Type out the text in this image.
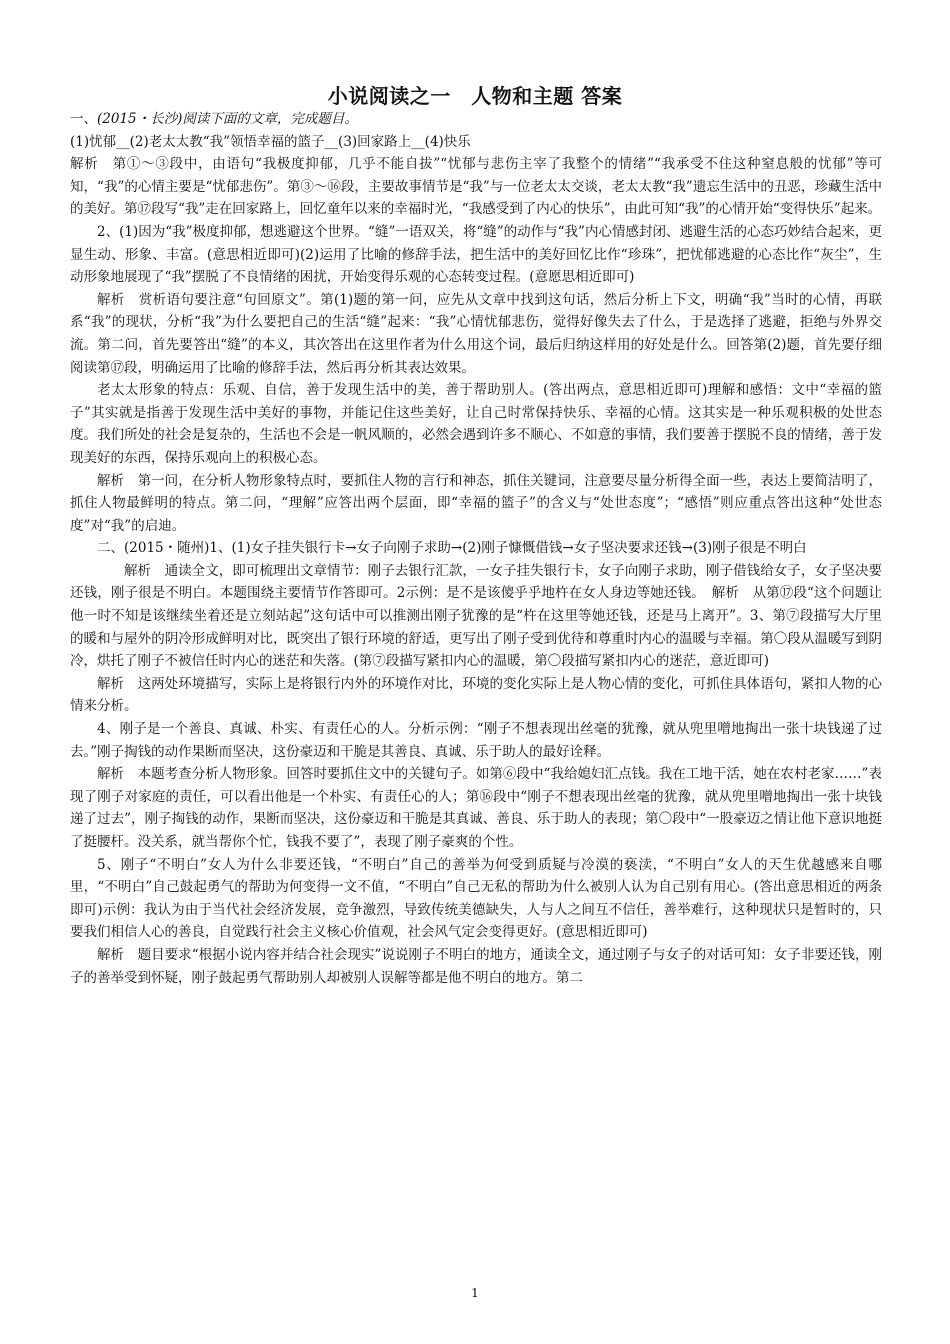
小说阅读之一　人物和主题 答案

一、(2015・长沙)阅读下面的文章，完成题目。

(1)忧郁__(2)老太太教“我”领悟幸福的篮子__(3)回家路上__(4)快乐

解析　第①～③段中，由语句“我极度抑郁，几乎不能自拔”“忧郁与悲伤主宰了我整个的情绪”“我承受不住这种窒息般的忧郁”等可知，“我”的心情主要是“忧郁悲伤”。第③～⑯段，主要故事情节是“我”与一位老太太交谈，老太太教“我”遗忘生活中的丑恶，珍藏生活中的美好。第⑰段写“我”走在回家路上，回忆童年以来的幸福时光，“我感受到了内心的快乐”，由此可知“我”的心情开始“变得快乐”起来。

2、(1)因为“我”极度抑郁，想逃避这个世界。“缝”一语双关，将“缝”的动作与“我”内心情感封闭、逃避生活的心态巧妙结合起来，更显生动、形象、丰富。(意思相近即可)(2)运用了比喻的修辞手法，把生活中的美好回忆比作“珍珠”，把忧郁逃避的心态比作“灰尘”，生动形象地展现了“我”摆脱了不良情绪的困扰，开始变得乐观的心态转变过程。(意愿思相近即可)

解析　赏析语句要注意“句回原文”。第(1)题的第一问，应先从文章中找到这句话，然后分析上下文，明确“我”当时的心情，再联系“我”的现状，分析“我”为什么要把自己的生活“缝”起来：“我”心情忧郁悲伤，觉得好像失去了什么，于是选择了逃避，拒绝与外界交流。第二问，首先要答出“缝”的本义，其次答出在这里作者为什么用这个词，最后归纳这样用的好处是什么。回答第(2)题，首先要仔细阅读第⑰段，明确运用了比喻的修辞手法，然后再分析其表达效果。

老太太形象的特点：乐观、自信，善于发现生活中的美，善于帮助别人。(答出两点，意思相近即可)理解和感悟：文中“幸福的篮子”其实就是指善于发现生活中美好的事物，并能记住这些美好，让自己时常保持快乐、幸福的心情。这其实是一种乐观积极的处世态度。我们所处的社会是复杂的，生活也不会是一帆风顺的，必然会遇到许多不顺心、不如意的事情，我们要善于摆脱不良的情绪，善于发现美好的东西，保持乐观向上的积极心态。

解析　第一问，在分析人物形象特点时，要抓住人物的言行和神态，抓住关键词，注意要尽量分析得全面一些，表达上要简洁明了，抓住人物最鲜明的特点。第二问，“理解”应答出两个层面，即“幸福的篮子”的含义与“处世态度”；“感悟”则应重点答出这种“处世态度”对“我”的启迪。

二、(2015・随州)1、(1)女子挂失银行卡→女子向刚子求助→(2)刚子慷慨借钱→女子坚决要求还钱→(3)刚子很是不明白

解析　通读全文，即可梳理出文章情节：刚子去银行汇款，一女子挂失银行卡，女子向刚子求助，刚子借钱给女子，女子坚决要还钱，刚子很是不明白。本题围绕主要情节作答即可。2示例：是不是该傻乎乎地杵在女人身边等她还钱。　解析　从第⑰段“这个问题让他一时不知是该继续坐着还是立刻站起”这句话中可以推测出刚子犹豫的是“杵在这里等她还钱，还是马上离开”。3、第⑦段描写大厅里的暖和与屋外的阴冷形成鲜明对比，既突出了银行环境的舒适，更写出了刚子受到优待和尊重时内心的温暖与幸福。第〇段从温暖写到阴冷，烘托了刚子不被信任时内心的迷茫和失落。(第⑦段描写紧扣内心的温暖，第〇段描写紧扣内心的迷茫，意近即可)

解析　这两处环境描写，实际上是将银行内外的环境作对比，环境的变化实际上是人物心情的变化，可抓住具体语句，紧扣人物的心情来分析。

4、刚子是一个善良、真诚、朴实、有责任心的人。分析示例：“刚子不想表现出丝毫的犹豫，就从兜里噌地掏出一张十块钱递了过去。”刚子掏钱的动作果断而坚决，这份豪迈和干脆是其善良、真诚、乐于助人的最好诠释。

解析　本题考查分析人物形象。回答时要抓住文中的关键句子。如第⑥段中“我给媳妇汇点钱。我在工地干活，她在农村老家……”表现了刚子对家庭的责任，可以看出他是一个朴实、有责任心的人；第⑯段中“刚子不想表现出丝毫的犹豫，就从兜里噌地掏出一张十块钱递了过去”，刚子掏钱的动作，果断而坚决，这份豪迈和干脆是其真诚、善良、乐于助人的表现；第〇段中“一股豪迈之情让他下意识地挺了挺腰杆。没关系，就当帮你个忙，钱我不要了”，表现了刚子豪爽的个性。

5、刚子“不明白”女人为什么非要还钱，“不明白”自己的善举为何受到质疑与冷漠的亵渎，“不明白”女人的天生优越感来自哪里，“不明白”自己鼓起勇气的帮助为何变得一文不值，“不明白”自己无私的帮助为什么被别人认为自己别有用心。(答出意思相近的两条即可)示例：我认为由于当代社会经济发展，竞争激烈，导致传统美德缺失，人与人之间互不信任，善举难行，这种现状只是暂时的，只要我们相信人心的善良，自觉践行社会主义核心价值观，社会风气定会变得更好。(意思相近即可)

解析　题目要求“根据小说内容并结合社会现实”说说刚子不明白的地方，通读全文，通过刚子与女子的对话可知：女子非要还钱，刚子的善举受到怀疑，刚子鼓起勇气帮助别人却被别人误解等都是他不明白的地方。第二

1
